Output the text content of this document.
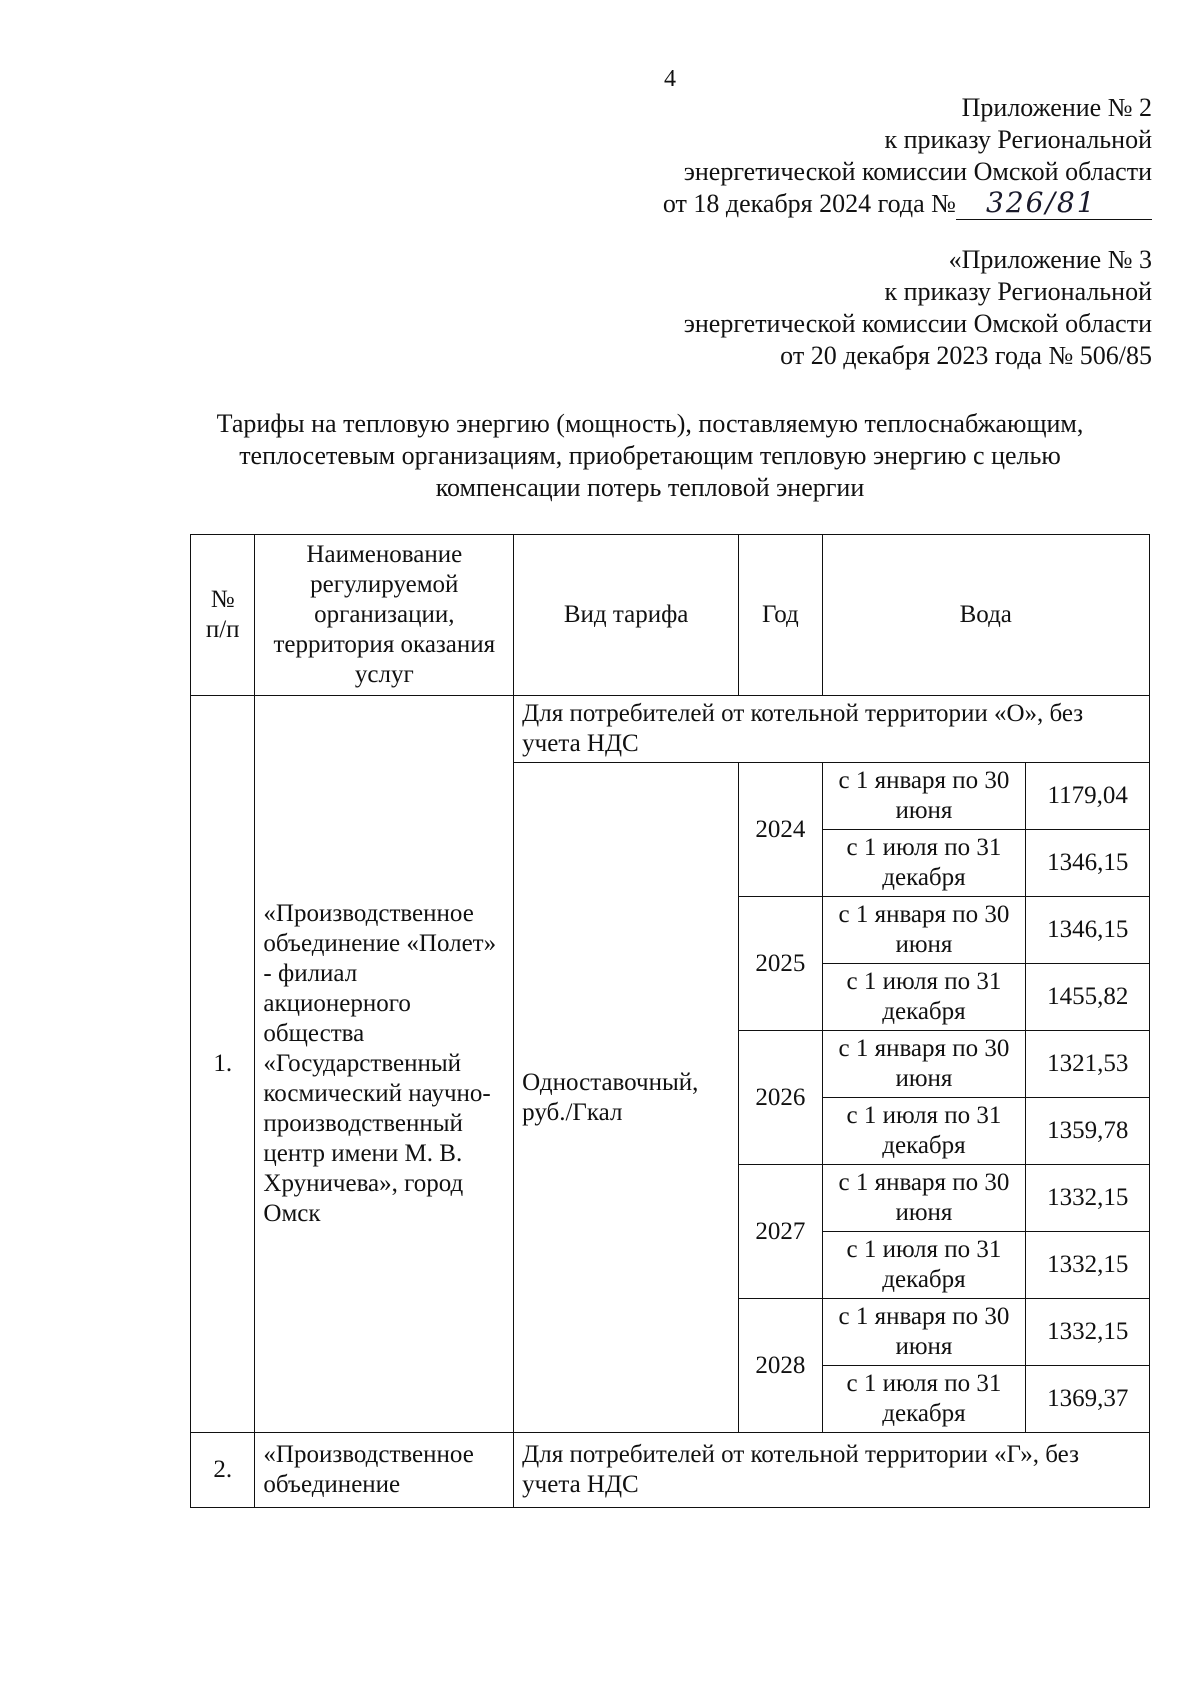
4
Приложение № 2
к приказу Региональной
энергетической комиссии Омской области
от 18 декабря 2024 года № 326/81
«Приложение № 3
к приказу Региональной
энергетической комиссии Омской области
от 20 декабря 2023 года № 506/85
Тарифы на тепловую энергию (мощность), поставляемую теплоснабжающим,
теплосетевым организациям, приобретающим тепловую энергию с целью
компенсации потерь тепловой энергии
№ п/п	Наименование регулируемой организации, территория оказания услуг	Вид тарифа	Год	Вода	
1.	«Производственное объединение «Полет» - филиал акционерного общества «Государственный космический научно-производственный центр имени М. В. Хруничева», город Омск	Для потребителей от котельной территории «О», без учета НДС			
		Одноставочный, руб./Гкал	2024	с 1 января по 30 июня	1179,04
				с 1 июля по 31 декабря	1346,15
			2025	с 1 января по 30 июня	1346,15
				с 1 июля по 31 декабря	1455,82
			2026	с 1 января по 30 июня	1321,53
				с 1 июля по 31 декабря	1359,78
			2027	с 1 января по 30 июня	1332,15
				с 1 июля по 31 декабря	1332,15
			2028	с 1 января по 30 июня	1332,15
				с 1 июля по 31 декабря	1369,37

2.	«Производственное объединение	Для потребителей от котельной территории «Г», без учета НДС			
